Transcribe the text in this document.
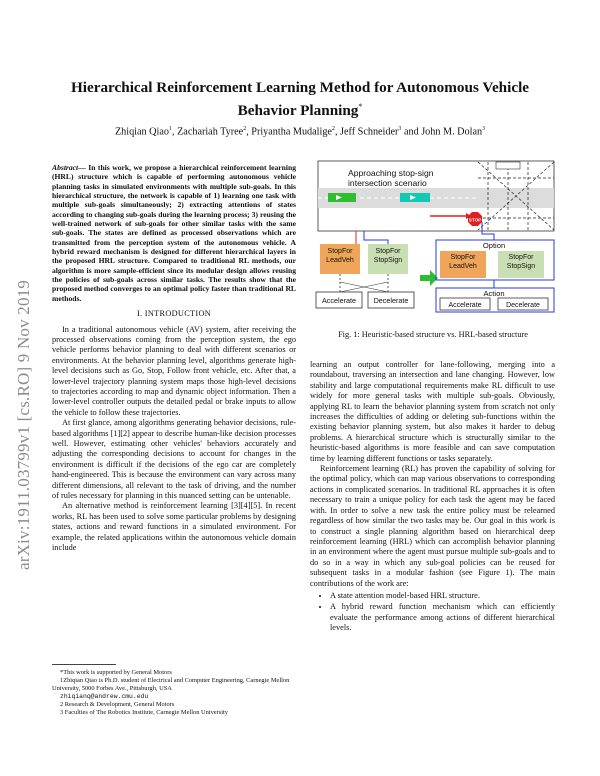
arXiv:1911.03799v1 [cs.RO] 9 Nov 2019
Hierarchical Reinforcement Learning Method for Autonomous Vehicle Behavior Planning*
Zhiqian Qiao$^1$, Zachariah Tyree$^2$, Priyantha Mudalige$^2$, Jeff Schneider$^3$ and John M. Dolan$^3$
Abstract— In this work, we propose a hierarchical reinforcement learning (HRL) structure which is capable of performing autonomous vehicle planning tasks in simulated environments with multiple sub-goals. In this hierarchical structure, the network is capable of 1) learning one task with multiple sub-goals simultaneously; 2) extracting attentions of states according to changing sub-goals during the learning process; 3) reusing the well-trained network of sub-goals for other similar tasks with the same sub-goals. The states are defined as processed observations which are transmitted from the perception system of the autonomous vehicle. A hybrid reward mechanism is designed for different hierarchical layers in the proposed HRL structure. Compared to traditional RL methods, our algorithm is more sample-efficient since its modular design allows reusing the policies of sub-goals across similar tasks. The results show that the proposed method converges to an optimal policy faster than traditional RL methods.
I. INTRODUCTION

In a traditional autonomous vehicle (AV) system, after receiving the processed observations coming from the perception system, the ego vehicle performs behavior planning to deal with different scenarios or environments. At the behavior planning level, algorithms generate high-level decisions such as Go, Stop, Follow front vehicle, etc. After that, a lower-level trajectory planning system maps those high-level decisions to trajectories according to map and dynamic object information. Then a lower-level controller outputs the detailed pedal or brake inputs to allow the vehicle to follow these trajectories.

At first glance, among algorithms generating behavior decisions, rule-based algorithms [1][2] appear to describe human-like decision processes well. However, estimating other vehicles' behaviors accurately and adjusting the corresponding decisions to account for changes in the environment is difficult if the decisions of the ego car are completely hand-engineered. This is because the environment can vary across many different dimensions, all relevant to the task of driving, and the number of rules necessary for planning in this nuanced setting can be untenable.

An alternative method is reinforcement learning [3][4][5]. In recent works, RL has been used to solve some particular problems by designing states, actions and reward functions in a simulated environment. For example, the related applications within the autonomous vehicle domain include

*This work is supported by General Motors
1Zhiqian Qiao is Ph.D. student of Electrical and Computer Engineering, Carnegie Mellon University, 5000 Forbes Ave., Pittsburgh, USA
zhiqianq@andrew.cmu.edu
2 Research & Development, General Motors
3 Faculties of The Robotics Institute, Carnegie Mellon University
Approaching stop-sign
intersection scenario
STOP
StopFor LeadVeh
StopFor StopSign
Accelerate Decelerate
Option
StopFor LeadVeh
StopFor StopSign
Action
Accelerate	Decelerate
Fig. 1: Heuristic-based structure vs. HRL-based structure

learning an output controller for lane-following, merging into a roundabout, traversing an intersection and lane changing. However, low stability and large computational requirements make RL difficult to use widely for more general tasks with multiple sub-goals. Obviously, applying RL to learn the behavior planning system from scratch not only increases the difficulties of adding or deleting sub-functions within the existing behavior planning system, but also makes it harder to debug problems. A hierarchical structure which is structurally similar to the heuristic-based algorithms is more feasible and can save computation time by learning different functions or tasks separately.

Reinforcement learning (RL) has proven the capability of solving for the optimal policy, which can map various observations to corresponding actions in complicated scenarios. In traditional RL approaches it is often necessary to train a unique policy for each task the agent may be faced with. In order to solve a new task the entire policy must be relearned regardless of how similar the two tasks may be. Our goal in this work is to construct a single planning algorithm based on hierarchical deep reinforcement learning (HRL) which can accomplish behavior planning in an environment where the agent must pursue multiple sub-goals and to do so in a way in which any sub-goal policies can be reused for subsequent tasks in a modular fashion (see Figure 1). The main contributions of the work are:

• A state attention model-based HRL structure.
• A hybrid reward function mechanism which can efficiently evaluate the performance among actions of different hierarchical levels.
